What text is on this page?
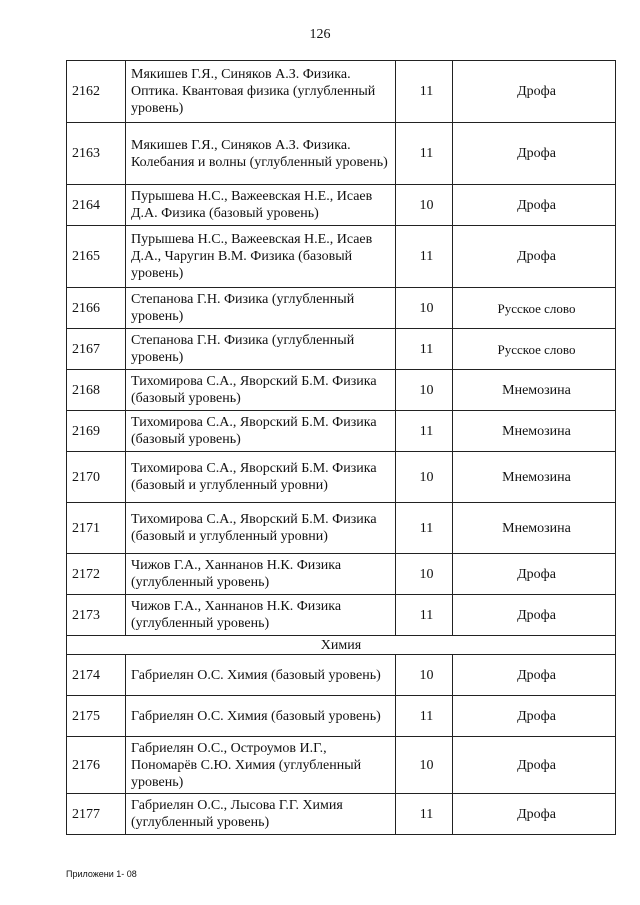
126
2162	Мякишев Г.Я., Синяков А.З. Физика. Оптика. Квантовая физика (углубленный уровень)	11	Дрофа
2163	Мякишев Г.Я., Синяков А.З. Физика. Колебания и волны (углубленный уровень)	11	Дрофа
2164	Пурышева Н.С., Важеевская Н.Е., Исаев Д.А. Физика (базовый уровень)	10	Дрофа
2165	Пурышева Н.С., Важеевская Н.Е., Исаев Д.А., Чаругин В.М. Физика (базовый уровень)	11	Дрофа
2166	Степанова Г.Н. Физика (углубленный уровень)	10	Русское слово
2167	Степанова Г.Н. Физика (углубленный уровень)	11	Русское слово
2168	Тихомирова С.А., Яворский Б.М. Физика (базовый уровень)	10	Мнемозина
2169	Тихомирова С.А., Яворский Б.М. Физика (базовый уровень)	11	Мнемозина
2170	Тихомирова С.А., Яворский Б.М. Физика (базовый и углубленный уровни)	10	Мнемозина
2171	Тихомирова С.А., Яворский Б.М. Физика (базовый и углубленный уровни)	11	Мнемозина
2172	Чижов Г.А., Ханнанов Н.К. Физика (углубленный уровень)	10	Дрофа
2173	Чижов Г.А., Ханнанов Н.К. Физика (углубленный уровень)	11	Дрофа
Химия			
2174	Габриелян О.С. Химия (базовый уровень)	10	Дрофа
2175	Габриелян О.С. Химия (базовый уровень)	11	Дрофа
2176	Габриелян О.С., Остроумов И.Г., Пономарёв С.Ю. Химия (углубленный уровень)	10	Дрофа
2177	Габриелян О.С., Лысова Г.Г. Химия (углубленный уровень)	11	Дрофа
Приложени 1- 08
